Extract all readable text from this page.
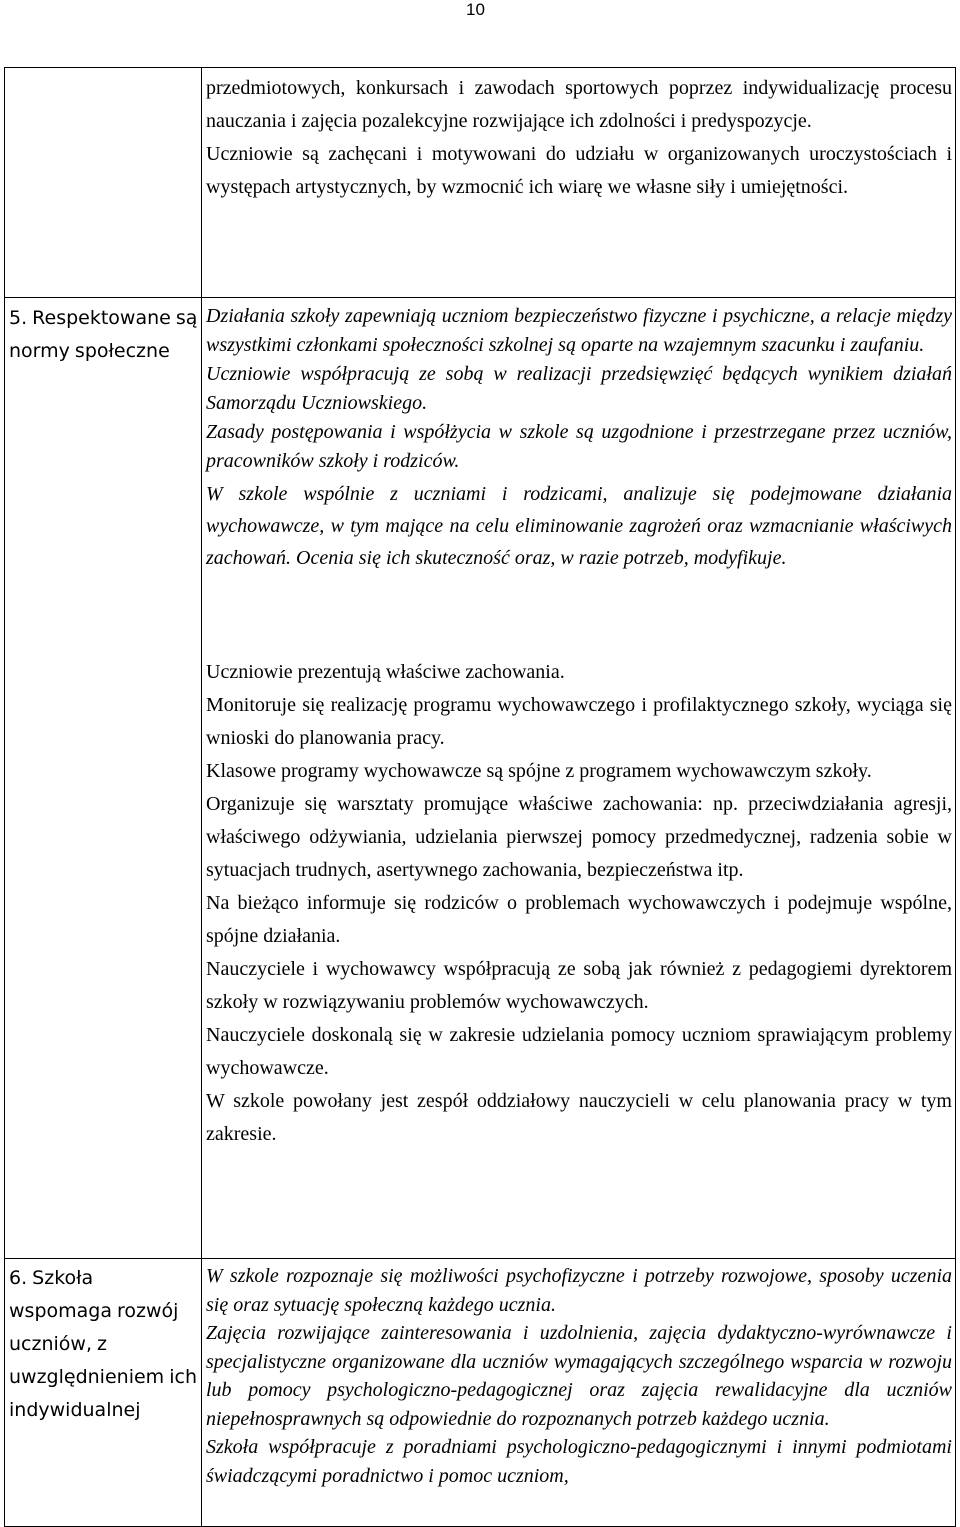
10

przedmiotowych, konkursach i zawodach sportowych poprzez indywidualizację procesu nauczania i zajęcia pozalekcyjne rozwijające ich zdolności i predyspozycje.

Uczniowie są zachęcani i motywowani do udziału w organizowanych uroczystościach i występach artystycznych, by wzmocnić ich wiarę we własne siły i umiejętności.

5. Respektowane są normy społeczne

Działania szkoły zapewniają uczniom bezpieczeństwo fizyczne i psychiczne, a relacje między wszystkimi członkami społeczności szkolnej są oparte na wzajemnym szacunku i zaufaniu.

Uczniowie współpracują ze sobą w realizacji przedsięwzięć będących wynikiem działań Samorządu Uczniowskiego.

Zasady postępowania i współżycia w szkole są uzgodnione i przestrzegane przez uczniów, pracowników szkoły i rodziców.

W szkole wspólnie z uczniami i rodzicami, analizuje się podejmowane działania wychowawcze, w tym mające na celu eliminowanie zagrożeń oraz wzmacnianie właściwych zachowań. Ocenia się ich skuteczność oraz, w razie potrzeb, modyfikuje.

Uczniowie prezentują właściwe zachowania.

Monitoruje się realizację programu wychowawczego i profilaktycznego szkoły, wyciąga się wnioski do planowania pracy.

Klasowe programy wychowawcze są spójne z programem wychowawczym szkoły.

Organizuje się warsztaty promujące właściwe zachowania: np. przeciwdziałania agresji, właściwego odżywiania, udzielania pierwszej pomocy przedmedycznej, radzenia sobie w sytuacjach trudnych, asertywnego zachowania, bezpieczeństwa itp.

Na bieżąco informuje się rodziców o problemach wychowawczych i podejmuje wspólne, spójne działania.

Nauczyciele i wychowawcy współpracują ze sobą jak również z pedagogiemi dyrektorem szkoły w rozwiązywaniu problemów wychowawczych.

Nauczyciele doskonalą się w zakresie udzielania pomocy uczniom sprawiającym problemy wychowawcze.

W szkole powołany jest zespół oddziałowy nauczycieli w celu planowania pracy w tym zakresie.

6. Szkoła wspomaga rozwój uczniów, z uwzględnieniem ich indywidualnej

W szkole rozpoznaje się możliwości psychofizyczne i potrzeby rozwojowe, sposoby uczenia się oraz sytuację społeczną każdego ucznia.

Zajęcia rozwijające zainteresowania i uzdolnienia, zajęcia dydaktyczno-wyrównawcze i specjalistyczne organizowane dla uczniów wymagających szczególnego wsparcia w rozwoju lub pomocy psychologiczno-pedagogicznej oraz zajęcia rewalidacyjne dla uczniów niepełnosprawnych są odpowiednie do rozpoznanych potrzeb każdego ucznia.

Szkoła współpracuje z poradniami psychologiczno-pedagogicznymi i innymi podmiotami świadczącymi poradnictwo i pomoc uczniom,
